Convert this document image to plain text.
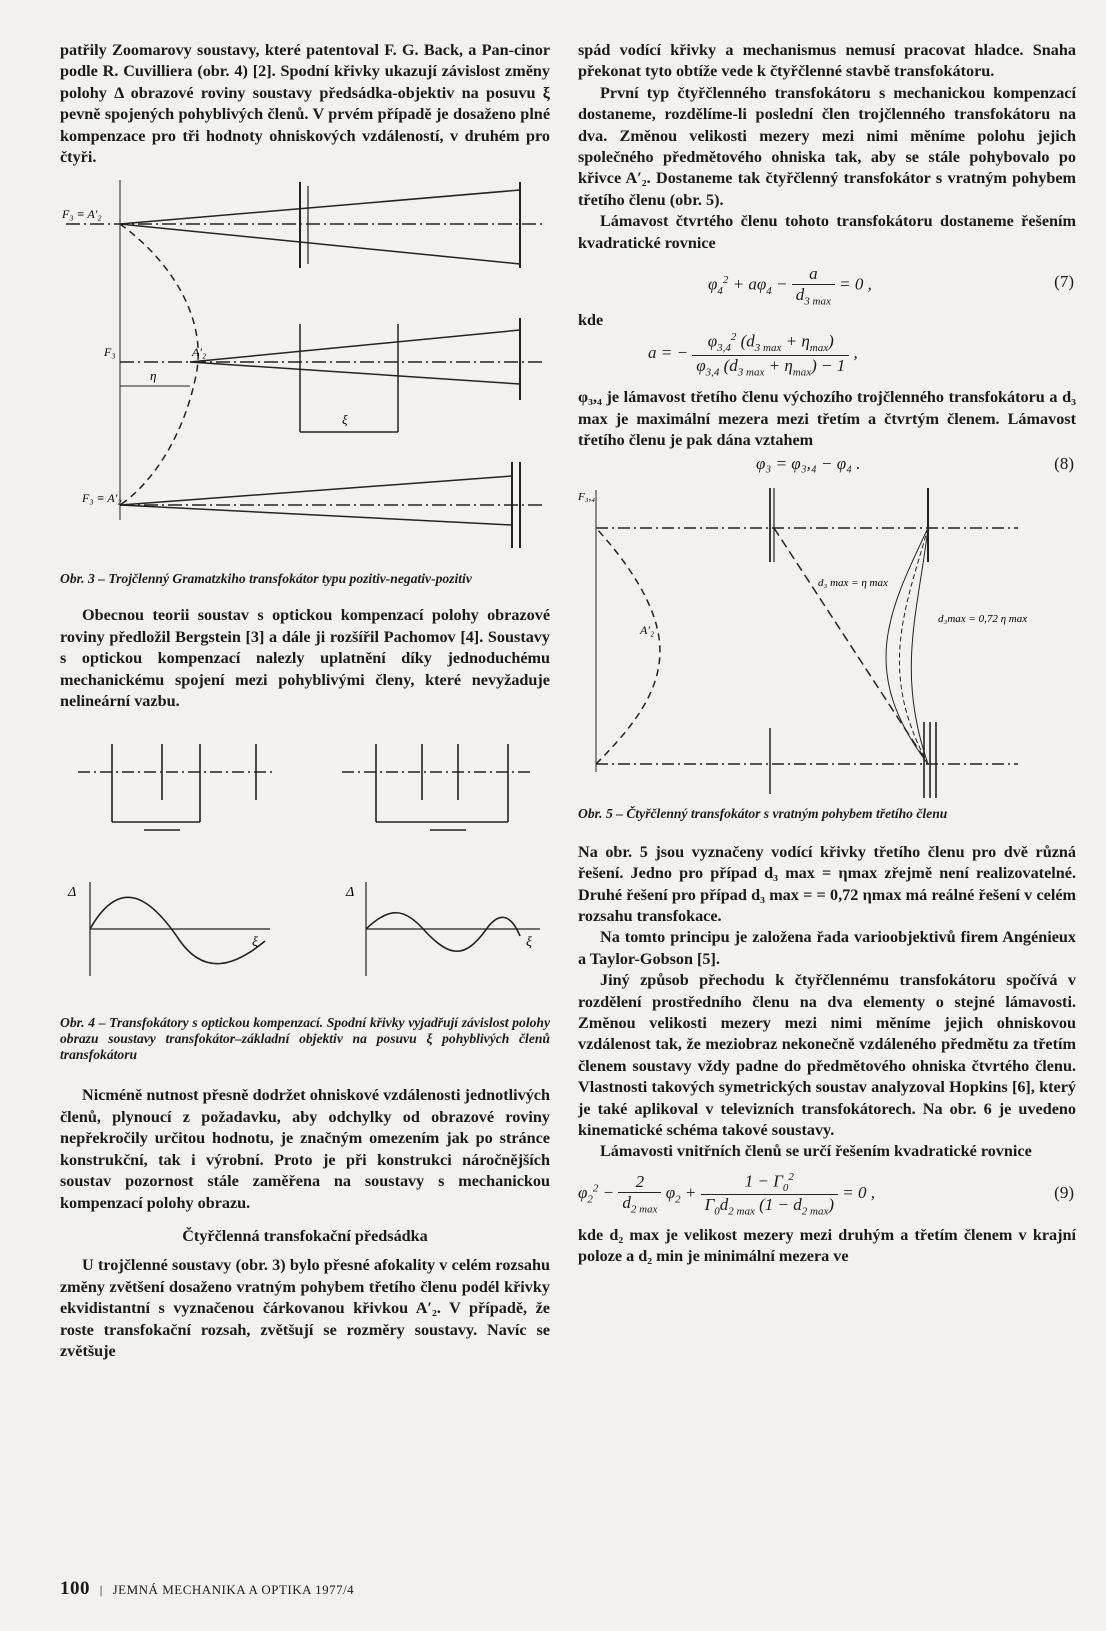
patřily Zoomarovy soustavy, které patentoval F. G. Back, a Pan-cinor podle R. Cuvilliera (obr. 4) [2]. Spodní křivky ukazují závislost změny polohy Δ obrazové roviny soustavy předsádka-objektiv na posuvu ξ pevně spojených pohyblivých členů. V prvém případě je dosaženo plné kompenzace pro tři hodnoty ohniskových vzdáleností, v druhém pro čtyři.

F₃ ≡ A′₂
F₃	A′₂
η
ξ
F₃ ≡ A′₂

Obr. 3 – Trojčlenný Gramatzkiho transfokátor typu pozitiv-negativ-pozitiv

Obecnou teorii soustav s optickou kompenzací polohy obrazové roviny předložil Bergstein [3] a dále ji rozšířil Pachomov [4]. Soustavy s optickou kompenzací nalezly uplatnění díky jednoduchému mechanickému spojení mezi pohyblivými členy, které nevyžaduje nelineární vazbu.

Δ
ξ
Δ
ξ

Obr. 4 – Transfokátory s optickou kompenzací. Spodní křivky vyjadřují závislost polohy obrazu soustavy transfokátor–základní objektiv na posuvu ξ pohyblivých členů transfokátoru

Nicméně nutnost přesně dodržet ohniskové vzdálenosti jednotlivých členů, plynoucí z požadavku, aby odchylky od obrazové roviny nepřekročily určitou hodnotu, je značným omezením jak po stránce konstrukční, tak i výrobní. Proto je při konstrukci náročnějších soustav pozornost stále zaměřena na soustavy s mechanickou kompenzací polohy obrazu.

Čtyřčlenná transfokační předsádka

U trojčlenné soustavy (obr. 3) bylo přesné afokality v celém rozsahu změny zvětšení dosaženo vratným pohybem třetího členu podél křivky ekvidistantní s vyznačenou čárkovanou křivkou A′₂. V případě, že roste transfokační rozsah, zvětšují se rozměry soustavy. Navíc se zvětšuje

spád vodící křivky a mechanismus nemusí pracovat hladce. Snaha překonat tyto obtíže vede k čtyřčlenné stavbě transfokátoru.

První typ čtyřčlenného transfokátoru s mechanickou kompenzací dostaneme, rozdělíme-li poslední člen trojčlenného transfokátoru na dva. Změnou velikosti mezery mezi nimi měníme polohu jejich společného předmětového ohniska tak, aby se stále pohybovalo po křivce A′₂. Dostaneme tak čtyřčlenný transfokátor s vratným pohybem třetího členu (obr. 5).

Lámavost čtvrtého členu tohoto transfokátoru dostaneme řešením kvadratické rovnice

$\varphi_4^2 + a\varphi_4 - \frac{a}{d_{3 max}} = 0$ ,	(7)

kde

a = − $\frac{\varphi_{3,4}^2 (d_{3 max} + \eta_{max})}{\varphi_{3,4} (d_{3 max} + \eta_{max}) - 1}$ ,

φ₃,₄ je lámavost třetího členu výchozího trojčlenného transfokátoru a d₃ max je maximální mezera mezi třetím a čtvrtým členem. Lámavost třetího členu je pak dána vztahem

φ₃ = φ₃,₄ − φ₄ .	(8)
F₃,₄
A′₂
d₃ max = η max
d₃max = 0,72 η max

Obr. 5 – Čtyřčlenný transfokátor s vratným pohybem třetího členu

Na obr. 5 jsou vyznačeny vodící křivky třetího členu pro dvě různá řešení. Jedno pro případ d₃ max = ηmax zřejmě není realizovatelné. Druhé řešení pro případ d₃ max = = 0,72 ηmax má reálné řešení v celém rozsahu transfokace.

Na tomto principu je založena řada varioobjektivů firem Angénieux a Taylor-Gobson [5].

Jiný způsob přechodu k čtyřčlennému transfokátoru spočívá v rozdělení prostředního členu na dva elementy o stejné lámavosti. Změnou velikosti mezery mezi nimi měníme jejich ohniskovou vzdálenost tak, že meziobraz nekonečně vzdáleného předmětu za třetím členem soustavy vždy padne do předmětového ohniska čtvrtého členu. Vlastnosti takových symetrických soustav analyzoval Hopkins [6], který je také aplikoval v televizních transfokátorech. Na obr. 6 je uvedeno kinematické schéma takové soustavy.

Lámavosti vnitřních členů se určí řešením kvadratické rovnice

$\varphi_2^2 - \frac{2}{d_{2 max}} \varphi_2 + \frac{1 - \Gamma_0^2}{\Gamma_0d_{2 max} (1 - d_{2 max})} = 0$ ,	(9)

kde d₂ max je velikost mezery mezi druhým a třetím členem v krajní poloze a d₂ min je minimální mezera ve

100 | JEMNÁ MECHANIKA A OPTIKA 1977/4
